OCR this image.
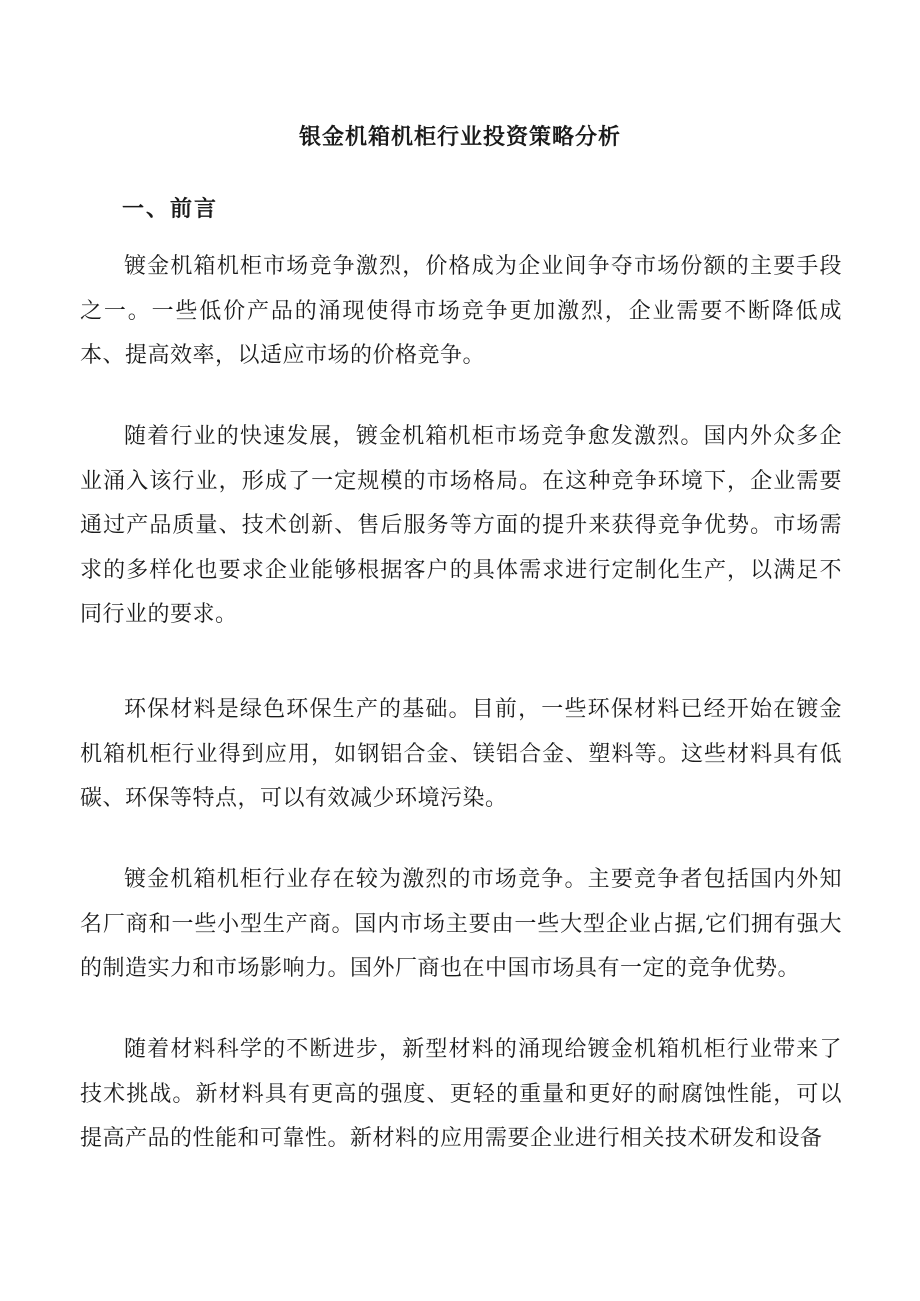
银金机箱机柜行业投资策略分析
一、前言

镀金机箱机柜市场竞争激烈，价格成为企业间争夺市场份额的主要手段之一。一些低价产品的涌现使得市场竞争更加激烈，企业需要不断降低成本、提高效率，以适应市场的价格竞争。

随着行业的快速发展，镀金机箱机柜市场竞争愈发激烈。国内外众多企业涌入该行业，形成了一定规模的市场格局。在这种竞争环境下，企业需要通过产品质量、技术创新、售后服务等方面的提升来获得竞争优势。市场需求的多样化也要求企业能够根据客户的具体需求进行定制化生产，以满足不同行业的要求。

环保材料是绿色环保生产的基础。目前，一些环保材料已经开始在镀金机箱机柜行业得到应用，如钢铝合金、镁铝合金、塑料等。这些材料具有低碳、环保等特点，可以有效减少环境污染。

镀金机箱机柜行业存在较为激烈的市场竞争。主要竞争者包括国内外知名厂商和一些小型生产商。国内市场主要由一些大型企业占据,它们拥有强大的制造实力和市场影响力。国外厂商也在中国市场具有一定的竞争优势。

随着材料科学的不断进步，新型材料的涌现给镀金机箱机柜行业带来了技术挑战。新材料具有更高的强度、更轻的重量和更好的耐腐蚀性能，可以提高产品的性能和可靠性。新材料的应用需要企业进行相关技术研发和设备
